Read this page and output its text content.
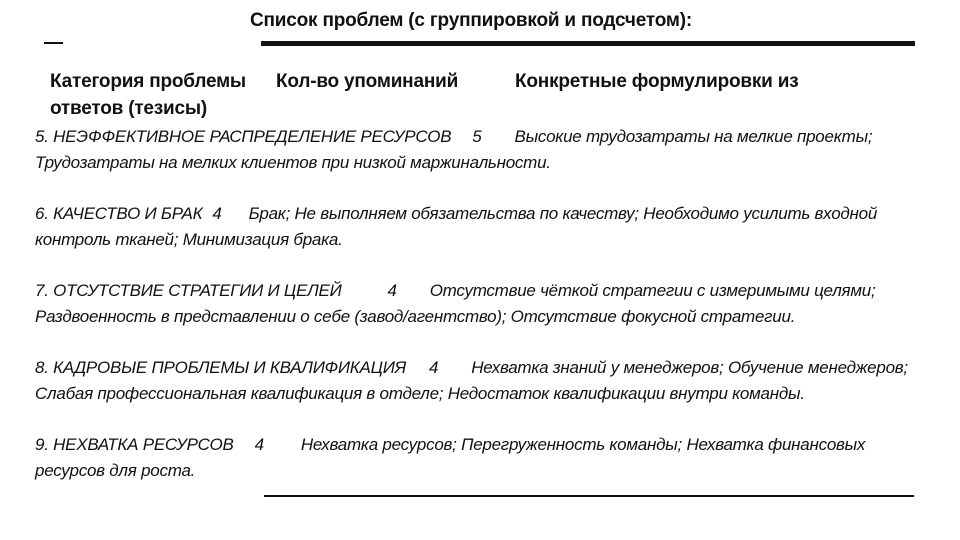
Список проблем (с группировкой и подсчетом):
Категория проблемы ответов (тезисы)
Кол-во упоминаний	Конкретные формулировки из

5. НЕЭФФЕКТИВНОЕ РАСПРЕДЕЛЕНИЕ РЕСУРСОВ 5 Высокие трудозатраты на мелкие проекты; Трудозатраты на мелких клиентов при низкой маржинальности.

6. КАЧЕСТВО И БРАК 4 Брак; Не выполняем обязательства по качеству; Необходимо усилить входной контроль тканей; Минимизация брака.

7. ОТСУТСТВИЕ СТРАТЕГИИ И ЦЕЛЕЙ	4 Отсутствие чёткой стратегии с измеримыми целями; Раздвоенность в представлении о себе (завод/агентство); Отсутствие фокусной стратегии.

8. КАДРОВЫЕ ПРОБЛЕМЫ И КВАЛИФИКАЦИЯ 4 Нехватка знаний у менеджеров; Обучение менеджеров; Слабая профессиональная квалификация в отделе; Недостаток квалификации внутри команды.

9. НЕХВАТКА РЕСУРСОВ 4 Нехватка ресурсов; Перегруженность команды; Нехватка финансовых ресурсов для роста.
